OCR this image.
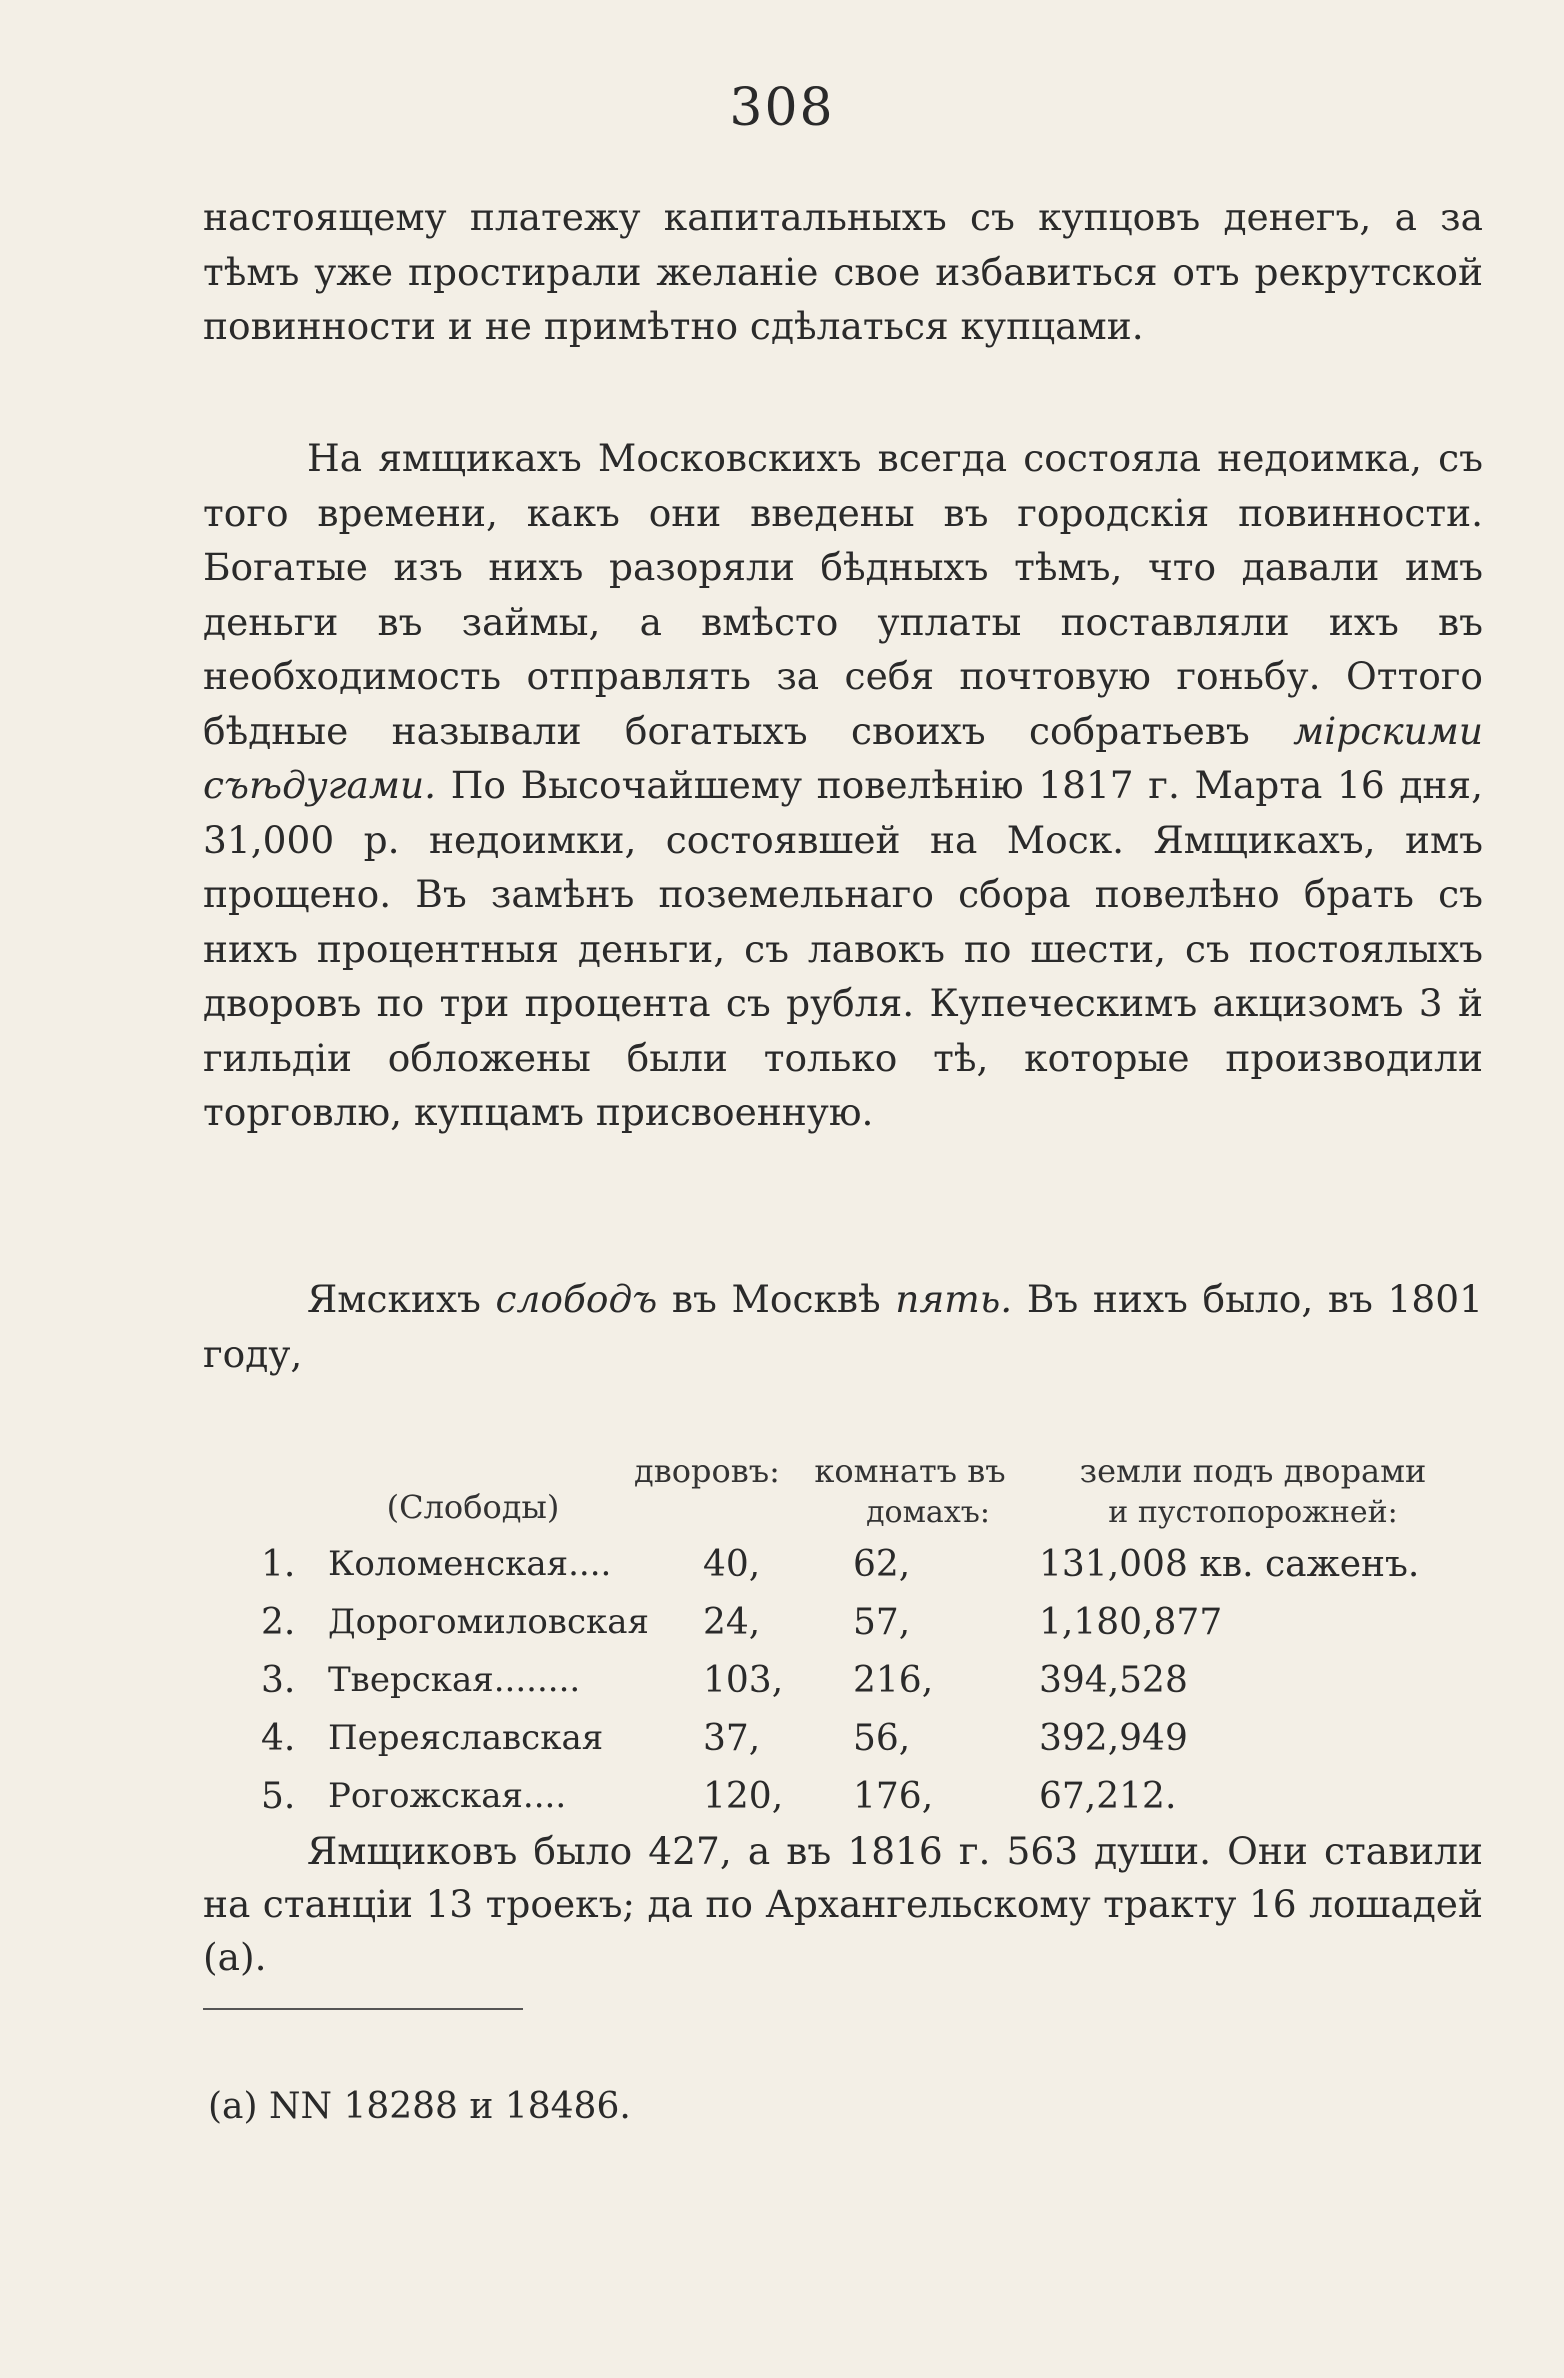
308

настоящему платежу капитальныхъ съ купцовъ денегъ, а за тѣмъ уже простирали желаніе свое избавиться отъ рекрутской повинности и не примѣтно сдѣлаться купцами.

На ямщикахъ Московскихъ всегда состояла недоимка, съ того времени, какъ они введены въ городскія повинности. Богатые изъ нихъ разоряли бѣдныхъ тѣмъ, что давали имъ деньги въ займы, а вмѣсто уплаты поставляли ихъ въ необходимость отправлять за себя почтовую гоньбу. Оттого бѣдные называли богатыхъ своихъ собратьевъ мірскими съѣдугами. По Высочайшему повелѣнію 1817 г. Марта 16 дня, 31,000 р. недоимки, состоявшей на Моск. Ямщикахъ, имъ прощено. Въ замѣнъ поземельнаго сбора повелѣно брать съ нихъ процентныя деньги, съ лавокъ по шести, съ постоялыхъ дворовъ по три процента съ рубля. Купеческимъ акцизомъ 3 й гильдіи обложены были только тѣ, которые производили торговлю, купцамъ присвоенную.

Ямскихъ слободъ въ Москвѣ пять. Въ нихъ было, въ 1801 году,

(Слободы)
дворовъ:	комнатъ въ
домахъ:
земли подъ дворами
и пустопорожней:
1. Коломенская....	40,	62,	131,008 кв. саженъ.
2. Дорогомиловская 24,	57,	1,180,877
3. Тверская........	103, 216,	394,528
4. Переяславская	37,	56,	392,949
5. Рогожская....	120, 176,	67,212.

Ямщиковъ было 427, а въ 1816 г. 563 души. Они ставили на станціи 13 троекъ; да по Архангельскому тракту 16 лошадей (а).

(а) NN 18288 и 18486.
